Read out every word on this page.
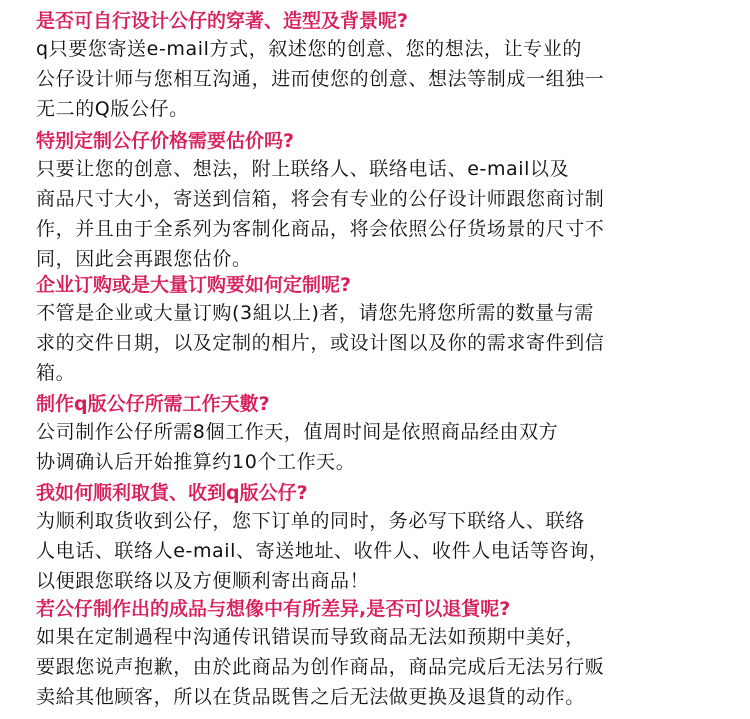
是否可自行设计公仔的穿著、造型及背景呢?

q只要您寄送e-mail方式，叙述您的创意、您的想法，让专业的
公仔设计师与您相互沟通，进而使您的创意、想法等制成一组独一
无二的Q版公仔。

特别定制公仔价格需要估价吗?

只要让您的创意、想法，附上联络人、联络电话、e-mail以及
商品尺寸大小，寄送到信箱，将会有专业的公仔设计师跟您商讨制
作，并且由于全系列为客制化商品，将会依照公仔货场景的尺寸不
同，因此会再跟您估价。

企业订购或是大量订购要如何定制呢?

不管是企业或大量订购(3組以上)者，请您先將您所需的数量与需
求的交件日期，以及定制的相片，或设计图以及你的需求寄件到信
箱。

制作q版公仔所需工作天數?

公司制作公仔所需8個工作天，值周时间是依照商品经由双方
协调确认后开始推算约10个工作天。

我如何顺利取貨、收到q版公仔?

为顺利取货收到公仔，您下订单的同时，务必写下联络人、联络
人电话、联络人e-mail、寄送地址、收件人、收件人电话等咨询，
以便跟您联络以及方便顺利寄出商品！

若公仔制作出的成品与想像中有所差异,是否可以退貨呢?

如果在定制過程中沟通传讯错误而导致商品无法如预期中美好，
要跟您说声抱歉，由於此商品为创作商品，商品完成后无法另行贩
卖給其他顾客，所以在货品既售之后无法做更换及退貨的动作。
